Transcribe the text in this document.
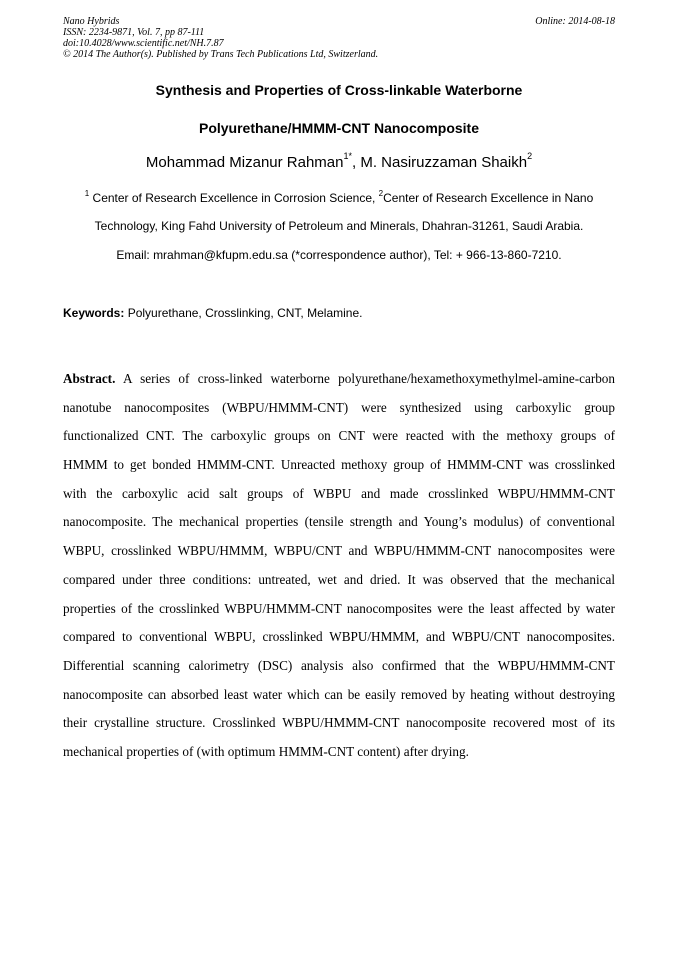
Nano Hybrids
ISSN: 2234-9871, Vol. 7, pp 87-111
doi:10.4028/www.scientific.net/NH.7.87
© 2014 The Author(s). Published by Trans Tech Publications Ltd, Switzerland.
Online: 2014-08-18
Synthesis and Properties of Cross-linkable Waterborne
Polyurethane/HMMM-CNT Nanocomposite
Mohammad Mizanur Rahman$^{1*}$, M. Nasiruzzaman Shaikh$^2$
$^1$ Center of Research Excellence in Corrosion Science, $^2$Center of Research Excellence in Nano
Technology, King Fahd University of Petroleum and Minerals, Dhahran-31261, Saudi Arabia.
Email: mrahman@kfupm.edu.sa (*correspondence author), Tel: + 966-13-860-7210.
Keywords: Polyurethane, Crosslinking, CNT, Melamine.
Abstract. A series of cross-linked waterborne polyurethane/hexamethoxymethylmel-amine-carbon
nanotube nanocomposites (WBPU/HMMM-CNT) were synthesized using carboxylic group
functionalized CNT. The carboxylic groups on CNT were reacted with the methoxy groups of
HMMM to get bonded HMMM-CNT. Unreacted methoxy group of HMMM-CNT was crosslinked
with the carboxylic acid salt groups of WBPU and made crosslinked WBPU/HMMM-CNT
nanocomposite. The mechanical properties (tensile strength and Young’s modulus) of conventional
WBPU, crosslinked WBPU/HMMM, WBPU/CNT and WBPU/HMMM-CNT nanocomposites were
compared under three conditions: untreated, wet and dried. It was observed that the mechanical
properties of the crosslinked WBPU/HMMM-CNT nanocomposites were the least affected by water
compared to conventional WBPU, crosslinked WBPU/HMMM, and WBPU/CNT nanocomposites.
Differential scanning calorimetry (DSC) analysis also confirmed that the WBPU/HMMM-CNT
nanocomposite can absorbed least water which can be easily removed by heating without destroying
their crystalline structure. Crosslinked WBPU/HMMM-CNT nanocomposite recovered most of its
mechanical properties of (with optimum HMMM-CNT content) after drying.
